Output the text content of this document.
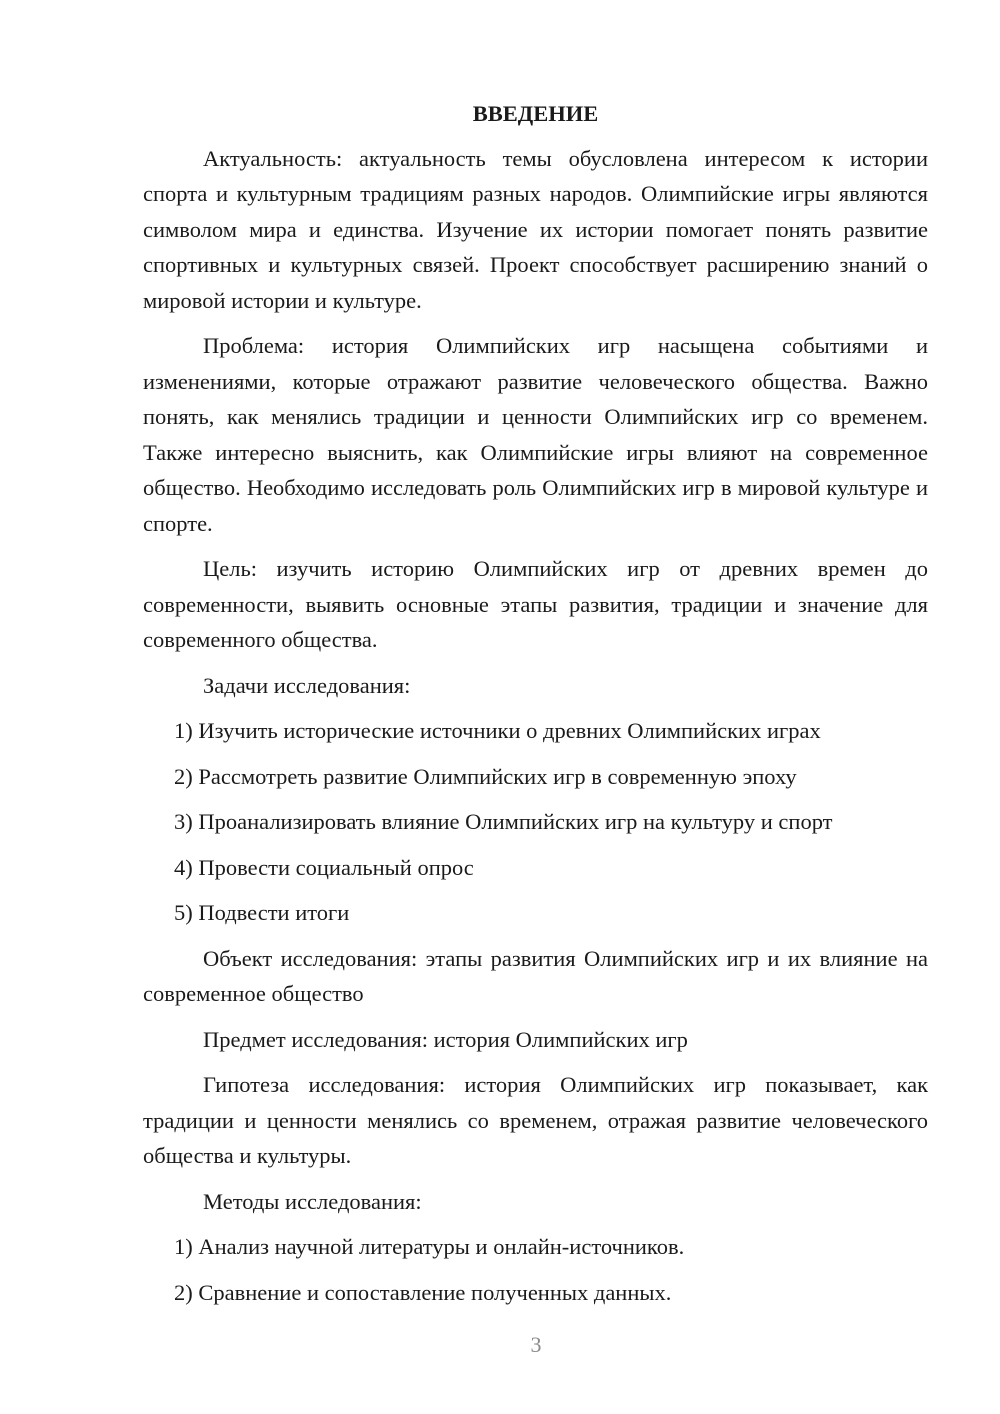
ВВЕДЕНИЕ

Актуальность: актуальность темы обусловлена интересом к истории спорта и культурным традициям разных народов. Олимпийские игры являются символом мира и единства. Изучение их истории помогает понять развитие спортивных и культурных связей. Проект способствует расширению знаний о мировой истории и культуре.

Проблема: история Олимпийских игр насыщена событиями и изменениями, которые отражают развитие человеческого общества. Важно понять, как менялись традиции и ценности Олимпийских игр со временем. Также интересно выяснить, как Олимпийские игры влияют на современное общество. Необходимо исследовать роль Олимпийских игр в мировой культуре и спорте.

Цель: изучить историю Олимпийских игр от древних времен до современности, выявить основные этапы развития, традиции и значение для современного общества.

Задачи исследования:

1) Изучить исторические источники о древних Олимпийских играх

2) Рассмотреть развитие Олимпийских игр в современную эпоху

3) Проанализировать влияние Олимпийских игр на культуру и спорт

4) Провести социальный опрос

5) Подвести итоги

Объект исследования: этапы развития Олимпийских игр и их влияние на современное общество

Предмет исследования: история Олимпийских игр

Гипотеза исследования: история Олимпийских игр показывает, как традиции и ценности менялись со временем, отражая развитие человеческого общества и культуры.

Методы исследования:

1) Анализ научной литературы и онлайн-источников.

2) Сравнение и сопоставление полученных данных.

3
